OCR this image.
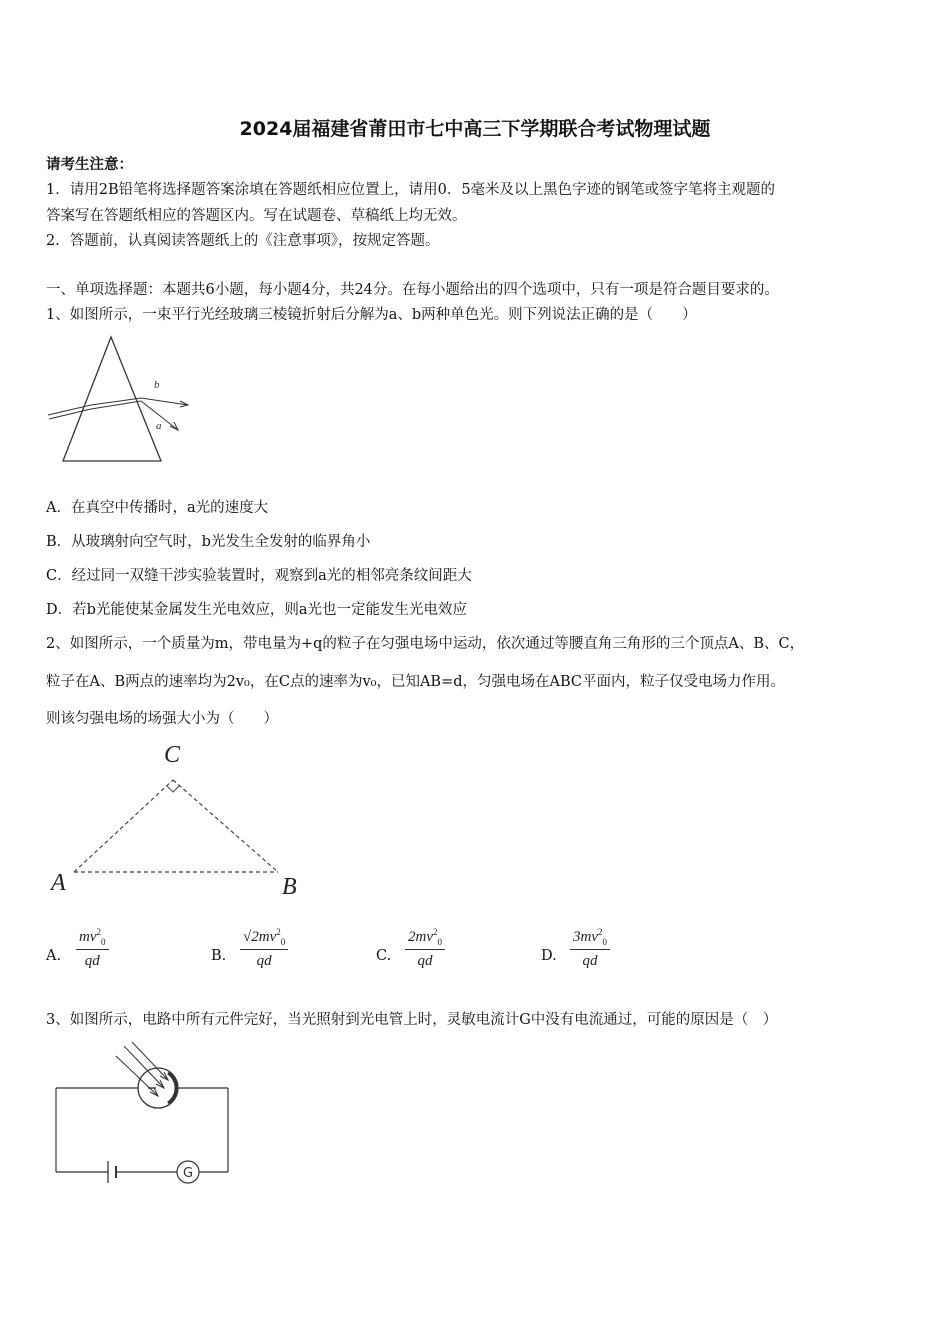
2024届福建省莆田市七中高三下学期联合考试物理试题
请考生注意：
1．请用2B铅笔将选择题答案涂填在答题纸相应位置上，请用0．5毫米及以上黑色字迹的钢笔或签字笔将主观题的
答案写在答题纸相应的答题区内。写在试题卷、草稿纸上均无效。
2．答题前，认真阅读答题纸上的《注意事项》，按规定答题。
一、单项选择题：本题共6小题，每小题4分，共24分。在每小题给出的四个选项中，只有一项是符合题目要求的。
1、如图所示，一束平行光经玻璃三棱镜折射后分解为a、b两种单色光。则下列说法正确的是（　　）
b
a
A．在真空中传播时，a光的速度大
B．从玻璃射向空气时，b光发生全发射的临界角小
C．经过同一双缝干涉实验装置时，观察到a光的相邻亮条纹间距大
D．若b光能使某金属发生光电效应，则a光也一定能发生光电效应
2、如图所示，一个质量为m，带电量为+q的粒子在匀强电场中运动，依次通过等腰直角三角形的三个顶点A、B、C，
粒子在A、B两点的速率均为2v₀，在C点的速率为v₀，已知AB=d，匀强电场在ABC平面内，粒子仅受电场力作用。
则该匀强电场的场强大小为（　　）
C
A	B
A. $\frac{mv^2_0}{qd}$	B. $\frac{√2mv^2_0}{qd}$	C. $\frac{2mv^2_0}{qd}$	D. $\frac{3mv^2_0}{qd}$
3、如图所示，电路中所有元件完好，当光照射到光电管上时，灵敏电流计G中没有电流通过，可能的原因是（　）
G
